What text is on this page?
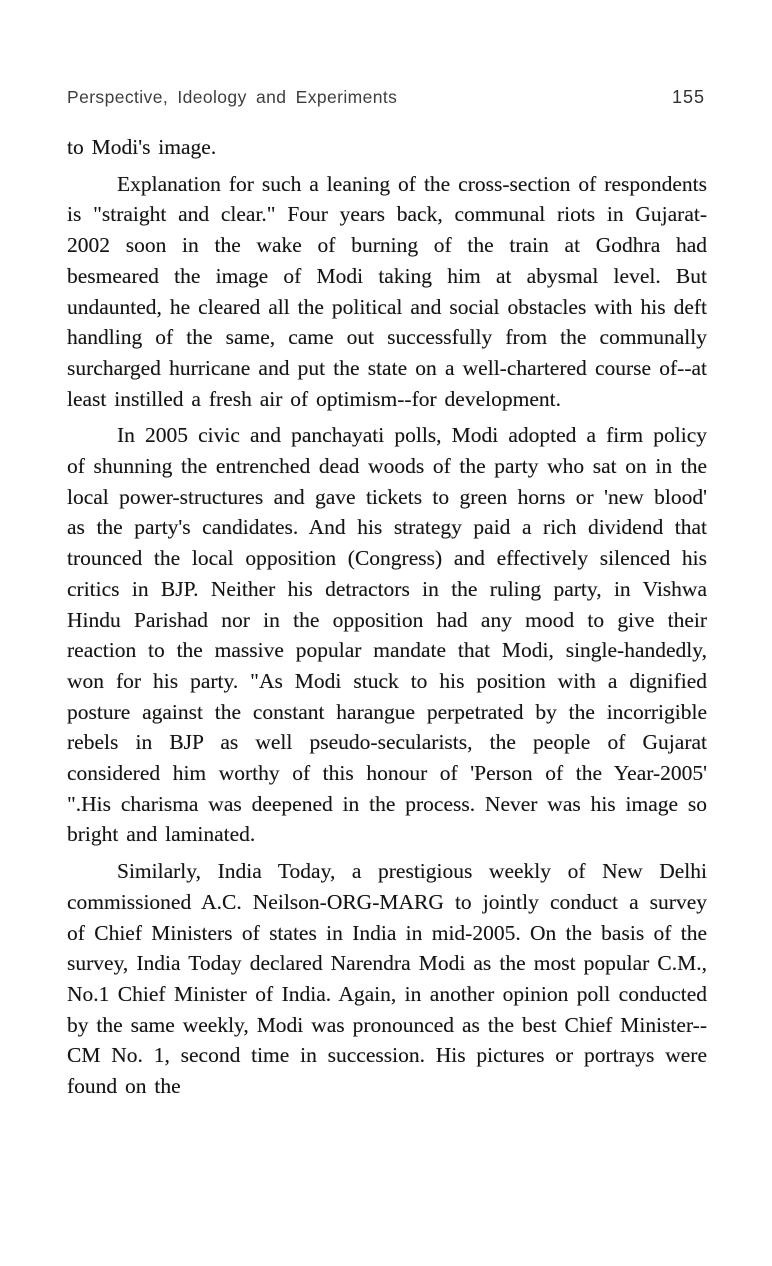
Perspective, Ideology and Experiments	155

to Modi's image.

Explanation for such a leaning of the cross-section of respondents is "straight and clear." Four years back, communal riots in Gujarat-2002 soon in the wake of burning of the train at Godhra had besmeared the image of Modi taking him at abysmal level. But undaunted, he cleared all the political and social obstacles with his deft handling of the same, came out successfully from the communally surcharged hurricane and put the state on a well-chartered course of--at least instilled a fresh air of optimism--for development.

In 2005 civic and panchayati polls, Modi adopted a firm policy of shunning the entrenched dead woods of the party who sat on in the local power-structures and gave tickets to green horns or 'new blood' as the party's candidates. And his strategy paid a rich dividend that trounced the local opposition (Congress) and effectively silenced his critics in BJP. Neither his detractors in the ruling party, in Vishwa Hindu Parishad nor in the opposition had any mood to give their reaction to the massive popular mandate that Modi, single-handedly, won for his party. "As Modi stuck to his position with a dignified posture against the constant harangue perpetrated by the incorrigible rebels in BJP as well pseudo-secularists, the people of Gujarat considered him worthy of this honour of 'Person of the Year-2005' ".His charisma was deepened in the process. Never was his image so bright and laminated.

Similarly, India Today, a prestigious weekly of New Delhi commissioned A.C. Neilson-ORG-MARG to jointly conduct a survey of Chief Ministers of states in India in mid-2005. On the basis of the survey, India Today declared Narendra Modi as the most popular C.M., No.1 Chief Minister of India. Again, in another opinion poll conducted by the same weekly, Modi was pronounced as the best Chief Minister--CM No. 1, second time in succession. His pictures or portrays were found on the
